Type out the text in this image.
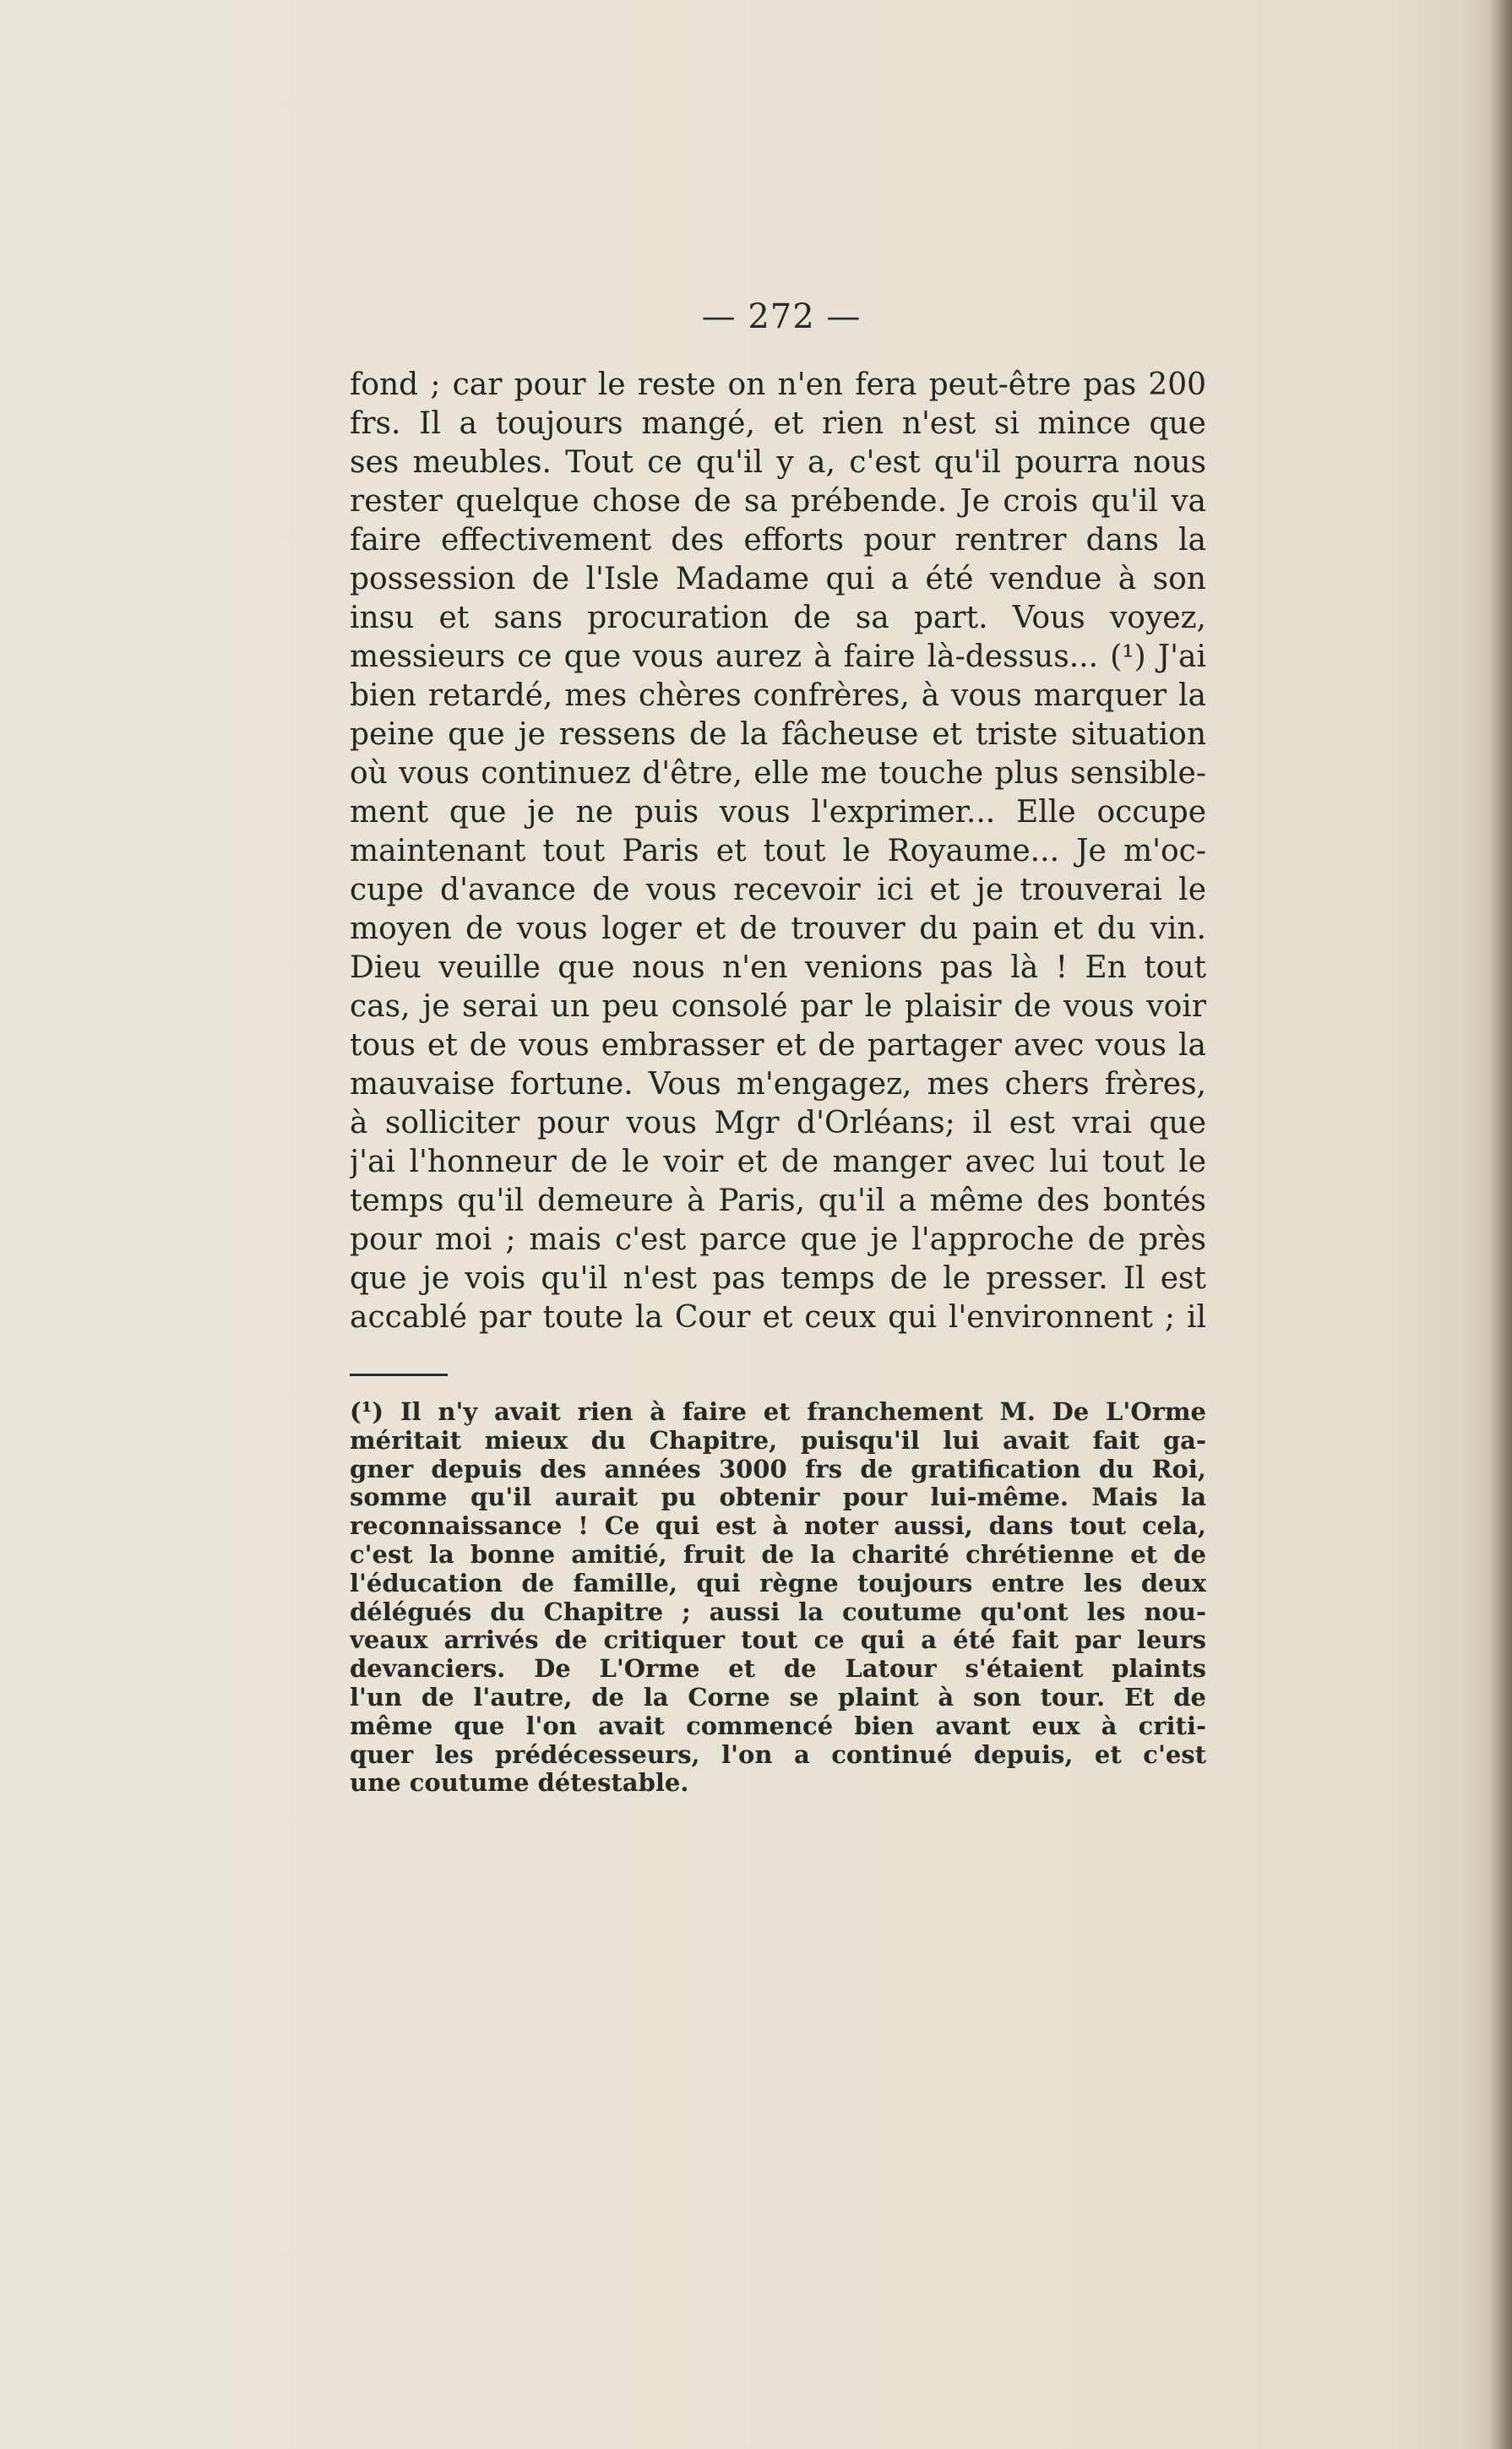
— 272 —
fond ; car pour le reste on n'en fera peut-être pas 200
frs. Il a toujours mangé, et rien n'est si mince que
ses meubles. Tout ce qu'il y a, c'est qu'il pourra nous
rester quelque chose de sa prébende. Je crois qu'il va
faire effectivement des efforts pour rentrer dans la
possession de l'Isle Madame qui a été vendue à son
insu et sans procuration de sa part. Vous voyez,
messieurs ce que vous aurez à faire là-dessus... (¹) J'ai
bien retardé, mes chères confrères, à vous marquer la
peine que je ressens de la fâcheuse et triste situation
où vous continuez d'être, elle me touche plus sensible-
ment que je ne puis vous l'exprimer... Elle occupe
maintenant tout Paris et tout le Royaume... Je m'oc-
cupe d'avance de vous recevoir ici et je trouverai le
moyen de vous loger et de trouver du pain et du vin.
Dieu veuille que nous n'en venions pas là ! En tout
cas, je serai un peu consolé par le plaisir de vous voir
tous et de vous embrasser et de partager avec vous la
mauvaise fortune. Vous m'engagez, mes chers frères,
à solliciter pour vous Mgr d'Orléans; il est vrai que
j'ai l'honneur de le voir et de manger avec lui tout le
temps qu'il demeure à Paris, qu'il a même des bontés
pour moi ; mais c'est parce que je l'approche de près
que je vois qu'il n'est pas temps de le presser. Il est
accablé par toute la Cour et ceux qui l'environnent ; il
(¹) Il n'y avait rien à faire et franchement M. De L'Orme
méritait mieux du Chapitre, puisqu'il lui avait fait ga-
gner depuis des années 3000 frs de gratification du Roi,
somme qu'il aurait pu obtenir pour lui-même. Mais la
reconnaissance ! Ce qui est à noter aussi, dans tout cela,
c'est la bonne amitié, fruit de la charité chrétienne et de
l'éducation de famille, qui règne toujours entre les deux
délégués du Chapitre ; aussi la coutume qu'ont les nou-
veaux arrivés de critiquer tout ce qui a été fait par leurs
devanciers. De L'Orme et de Latour s'étaient plaints
l'un de l'autre, de la Corne se plaint à son tour. Et de
même que l'on avait commencé bien avant eux à criti-
quer les prédécesseurs, l'on a continué depuis, et c'est
une coutume détestable.
